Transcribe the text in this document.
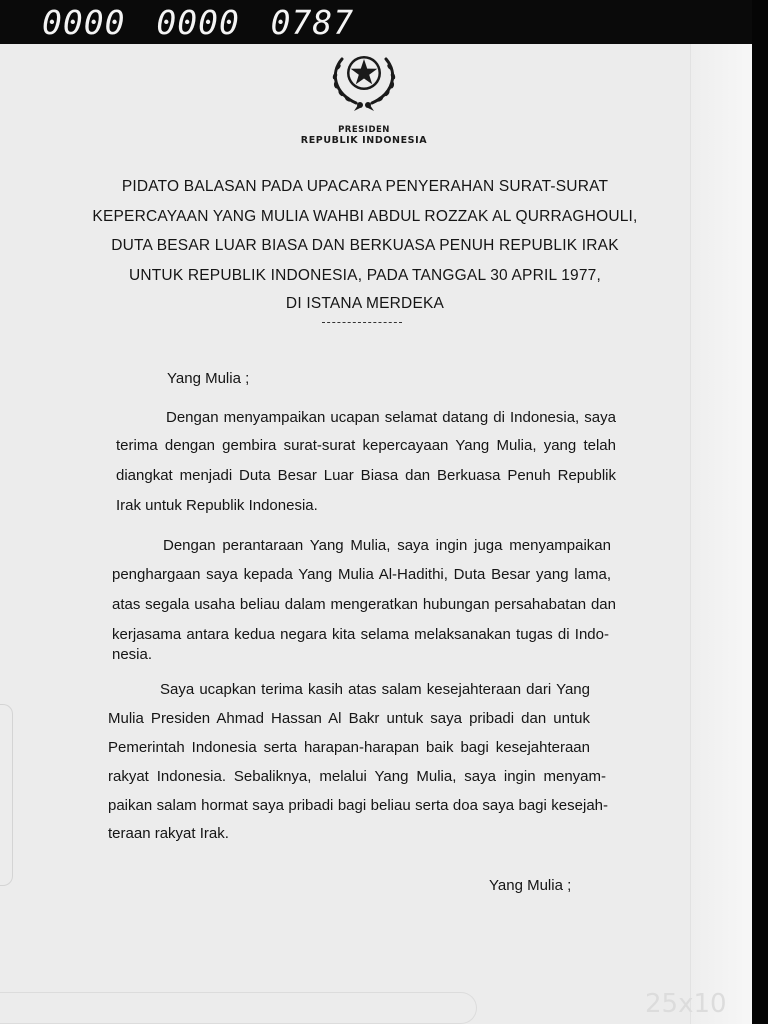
0000 0000 0787
25x10
PRESIDEN
REPUBLIK INDONESIA
PIDATO BALASAN PADA UPACARA PENYERAHAN SURAT-SURAT
KEPERCAYAAN YANG MULIA WAHBI ABDUL ROZZAK AL QURRAGHOULI,
DUTA BESAR LUAR BIASA DAN BERKUASA PENUH REPUBLIK IRAK
UNTUK REPUBLIK INDONESIA, PADA TANGGAL 30 APRIL 1977,
DI ISTANA MERDEKA
Yang Mulia ;
Dengan menyampaikan ucapan selamat datang di Indonesia, saya
terima dengan gembira surat-surat kepercayaan Yang Mulia, yang telah
diangkat menjadi Duta Besar Luar Biasa dan Berkuasa Penuh Republik
Irak untuk Republik Indonesia.
Dengan perantaraan Yang Mulia, saya ingin juga menyampaikan
penghargaan saya kepada Yang Mulia Al-Hadithi, Duta Besar yang lama,
atas segala usaha beliau dalam mengeratkan hubungan persahabatan dan
kerjasama antara kedua negara kita selama melaksanakan tugas di Indo-
nesia.
Saya ucapkan terima kasih atas salam kesejahteraan dari Yang
Mulia Presiden Ahmad Hassan Al Bakr untuk saya pribadi dan untuk
Pemerintah Indonesia serta harapan-harapan baik bagi kesejahteraan
rakyat Indonesia. Sebaliknya, melalui Yang Mulia, saya ingin menyam-
paikan salam hormat saya pribadi bagi beliau serta doa saya bagi kesejah-
teraan rakyat Irak.
Yang Mulia ;
